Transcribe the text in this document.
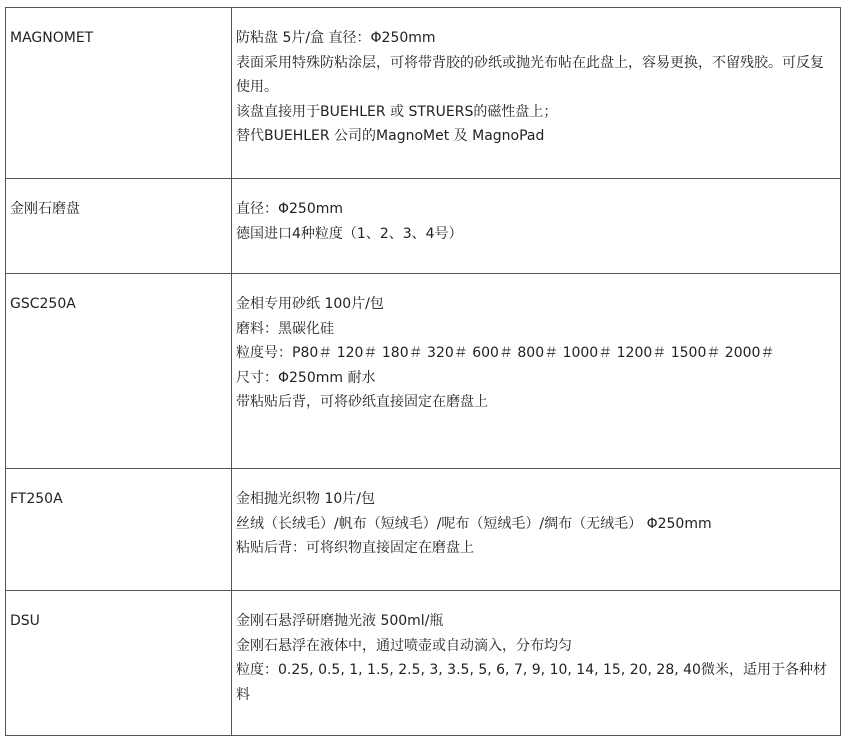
MAGNOMET	防粘盘 5片/盒 直径：Φ250mm
表面采用特殊防粘涂层，可将带背胶的砂纸或抛光布帖在此盘上，容易更换，不留残胶。可反复使用。
该盘直接用于BUEHLER 或 STRUERS的磁性盘上；
替代BUEHLER 公司的MagnoMet 及 MagnoPad

金刚石磨盘	直径：Φ250mm
德国进口4种粒度（1、2、3、4号）

GSC250A	金相专用砂纸 100片/包
磨料：黑碳化硅
粒度号：P80＃ 120＃ 180＃ 320＃ 600＃ 800＃ 1000＃ 1200＃ 1500＃ 2000＃
尺寸：Φ250mm 耐水
带粘贴后背，可将砂纸直接固定在磨盘上

FT250A	金相抛光织物 10片/包
丝绒（长绒毛）/帆布（短绒毛）/呢布（短绒毛）/绸布（无绒毛） Φ250mm
粘贴后背：可将织物直接固定在磨盘上

DSU	金刚石悬浮研磨抛光液 500ml/瓶
金刚石悬浮在液体中，通过喷壶或自动滴入，分布均匀
粒度：0.25, 0.5, 1, 1.5, 2.5, 3, 3.5, 5, 6, 7, 9, 10, 14, 15, 20, 28, 40微米，适用于各种材料
